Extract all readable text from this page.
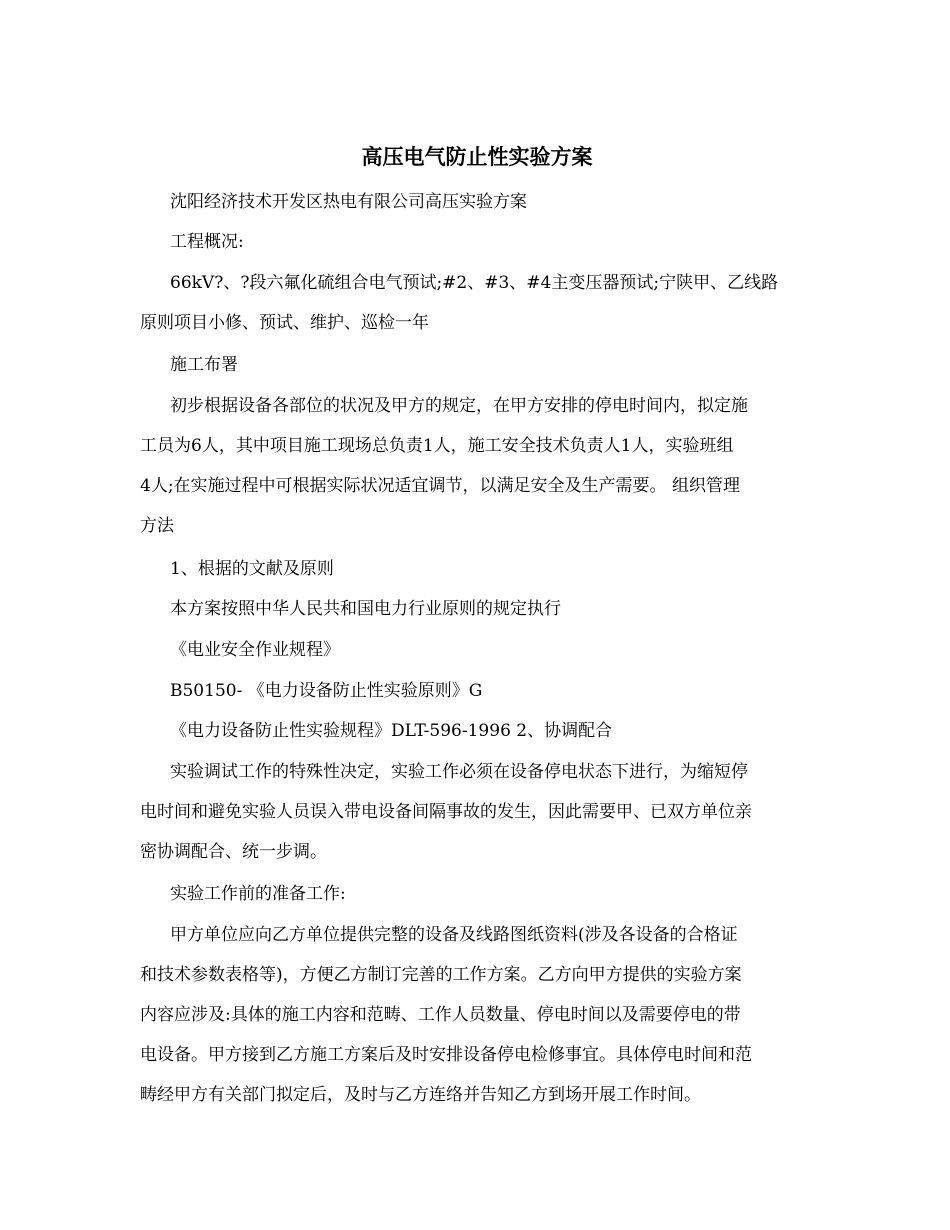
高压电气防止性实验方案

沈阳经济技术开发区热电有限公司高压实验方案

工程概况:

66kV?、?段六氟化硫组合电气预试;#2、#3、#4主变压器预试;宁陕甲、乙线路
原则项目小修、预试、维护、巡检一年

施工布署

初步根据设备各部位的状况及甲方的规定，在甲方安排的停电时间内，拟定施
工员为6人，其中项目施工现场总负责1人，施工安全技术负责人1人，实验班组
4人;在实施过程中可根据实际状况适宜调节，以满足安全及生产需要。 组织管理
方法

1、根据的文献及原则

本方案按照中华人民共和国电力行业原则的规定执行

《电业安全作业规程》

B50150- 《电力设备防止性实验原则》G

《电力设备防止性实验规程》DLT-596-1996 2、协调配合

实验调试工作的特殊性决定，实验工作必须在设备停电状态下进行，为缩短停
电时间和避免实验人员误入带电设备间隔事故的发生，因此需要甲、已双方单位亲
密协调配合、统一步调。

实验工作前的准备工作:

甲方单位应向乙方单位提供完整的设备及线路图纸资料(涉及各设备的合格证
和技术参数表格等)，方便乙方制订完善的工作方案。乙方向甲方提供的实验方案
内容应涉及:具体的施工内容和范畴、工作人员数量、停电时间以及需要停电的带
电设备。甲方接到乙方施工方案后及时安排设备停电检修事宜。具体停电时间和范
畴经甲方有关部门拟定后，及时与乙方连络并告知乙方到场开展工作时间。
